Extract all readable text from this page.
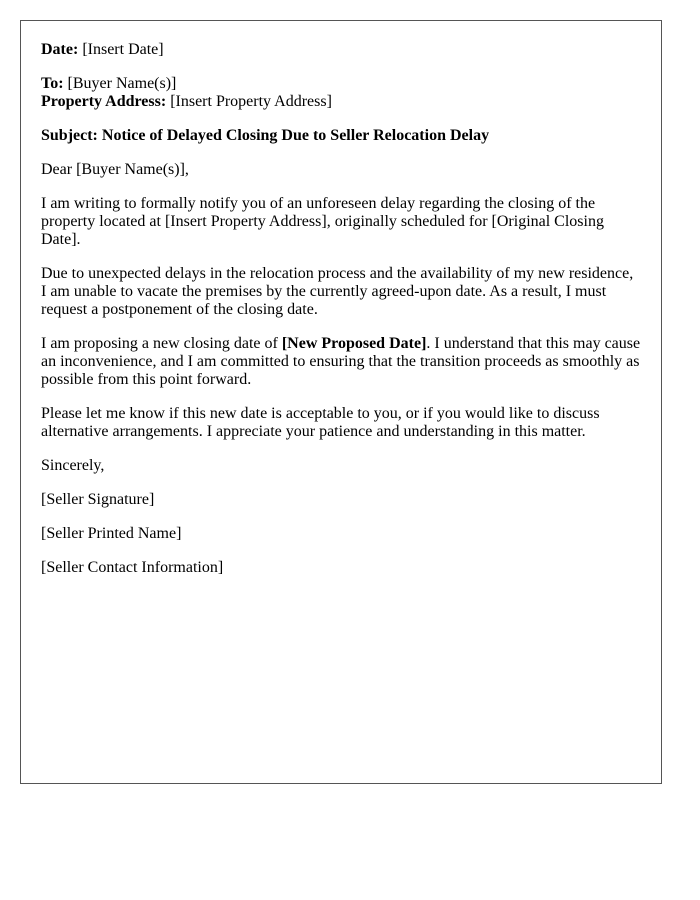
Date: [Insert Date]

To: [Buyer Name(s)]
Property Address: [Insert Property Address]

Subject: Notice of Delayed Closing Due to Seller Relocation Delay

Dear [Buyer Name(s)],

I am writing to formally notify you of an unforeseen delay regarding the closing of the property located at [Insert Property Address], originally scheduled for [Original Closing Date].

Due to unexpected delays in the relocation process and the availability of my new residence, I am unable to vacate the premises by the currently agreed-upon date. As a result, I must request a postponement of the closing date.

I am proposing a new closing date of [New Proposed Date]. I understand that this may cause an inconvenience, and I am committed to ensuring that the transition proceeds as smoothly as possible from this point forward.

Please let me know if this new date is acceptable to you, or if you would like to discuss alternative arrangements. I appreciate your patience and understanding in this matter.

Sincerely,

[Seller Signature]

[Seller Printed Name]

[Seller Contact Information]
